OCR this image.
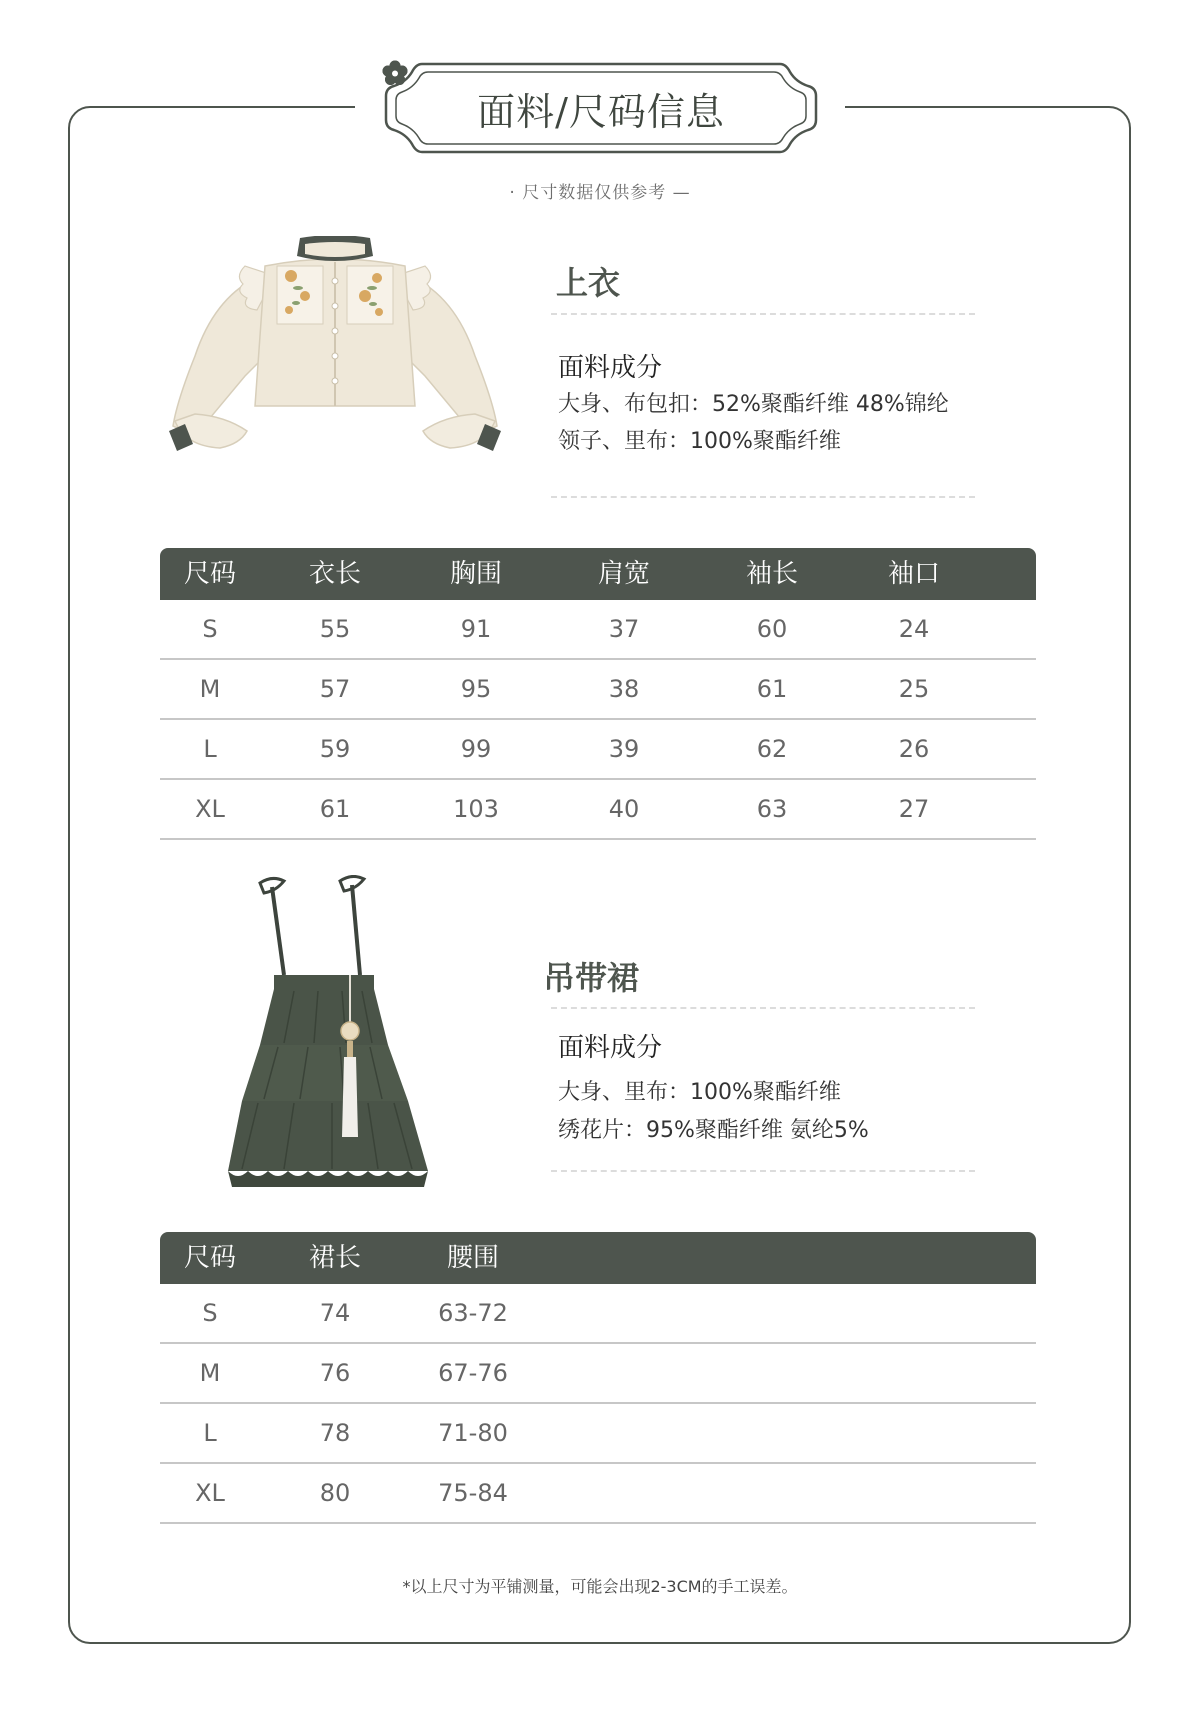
面料/尺码信息
· 尺寸数据仅供参考 —
上衣
面料成分
大身、布包扣：52%聚酯纤维 48%锦纶
领子、里布：100%聚酯纤维
尺码	衣长	胸围	肩宽	袖长	袖口
S	55	91	37	60	24
M	57	95	38	61	25
L	59	99	39	62	26
XL	61	103	40	63	27
吊带裙
面料成分
大身、里布：100%聚酯纤维
绣花片：95%聚酯纤维 氨纶5%
尺码	裙长	腰围
S	74	63-72
M	76	67-76
L	78	71-80
XL	80	75-84
*以上尺寸为平铺测量，可能会出现2-3CM的手工误差。
